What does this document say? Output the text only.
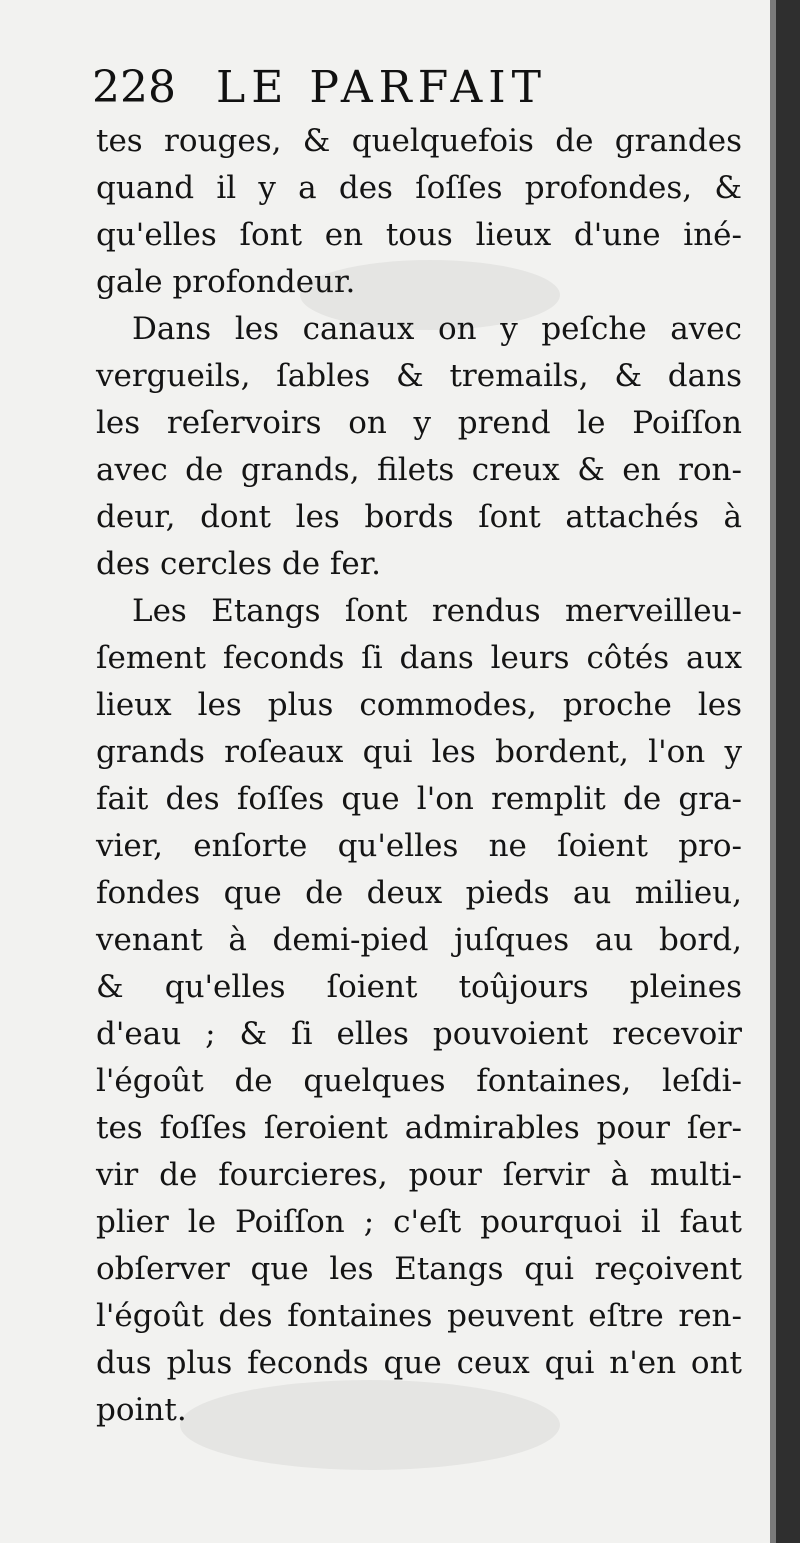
228 LE PARFAIT
tes rouges, & quelquefois de grandes
quand il y a des ſoſſes profondes, &
qu'elles ſont en tous lieux d'une iné-
gale profondeur.
Dans les canaux on y peſche avec
vergueils, ſables & tremails, & dans
les reſervoirs on y prend le Poiſſon
avec de grands, filets creux & en ron-
deur, dont les bords ſont attachés à
des cercles de fer.
Les Etangs ſont rendus merveilleu-
ſement feconds ſi dans leurs côtés aux
lieux les plus commodes, proche les
grands roſeaux qui les bordent, l'on y
fait des foſſes que l'on remplit de gra-
vier, enſorte qu'elles ne ſoient pro-
fondes que de deux pieds au milieu,
venant à demi-pied juſques au bord,
& qu'elles ſoient toûjours pleines
d'eau ; & ſi elles pouvoient recevoir
l'égoût de quelques fontaines, leſdi-
tes foſſes ſeroient admirables pour ſer-
vir de fourcieres, pour ſervir à multi-
plier le Poiſſon ; c'eſt pourquoi il faut
obſerver que les Etangs qui reçoivent
l'égoût des fontaines peuvent eſtre ren-
dus plus feconds que ceux qui n'en ont
point.
